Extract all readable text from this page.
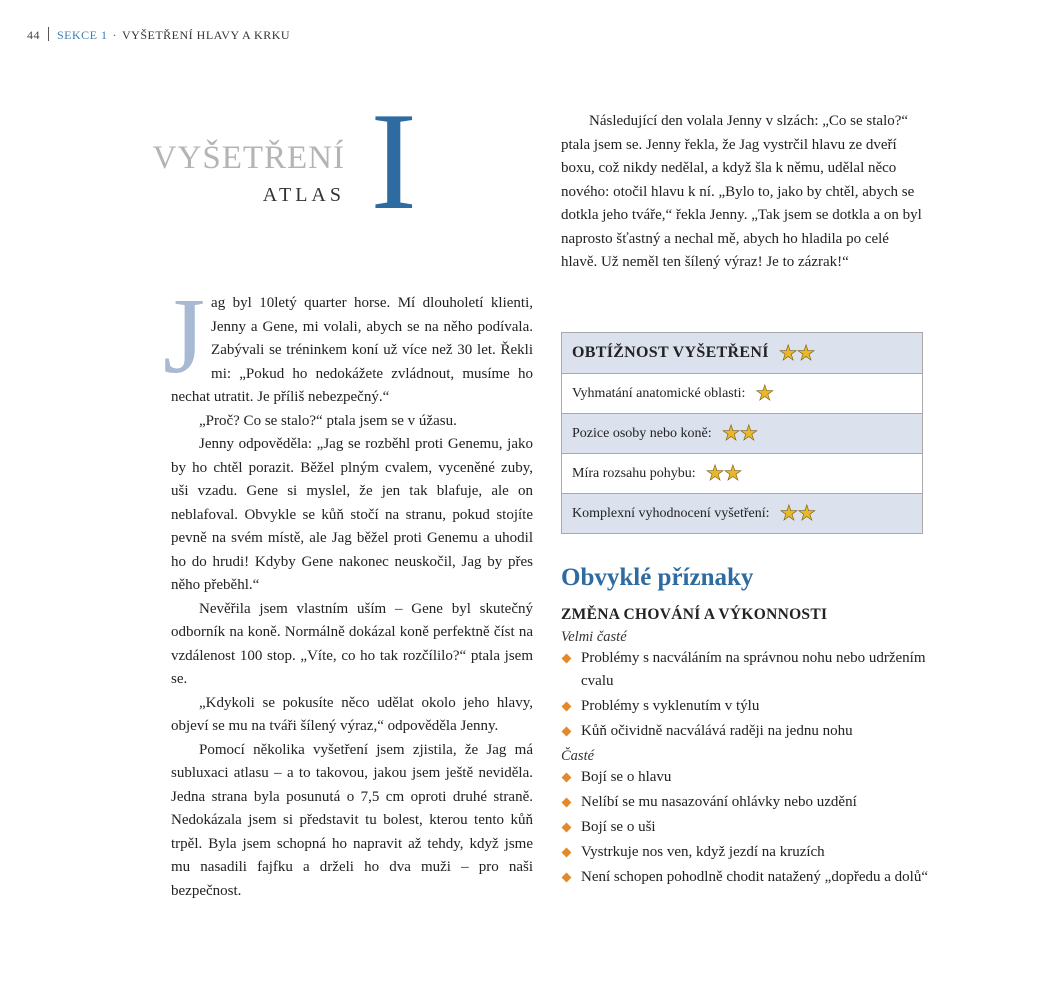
44 SEKCE 1 · VYŠETŘENÍ HLAVY A KRKU
VYŠETŘENÍ
ATLAS I

Jag byl 10letý quarter horse. Mí dlouholetí klienti, Jenny a Gene, mi volali, abych se na něho podívala. Zabývali se tréninkem koní už více než 30 let. Řekli mi: „Pokud ho nedokážete zvládnout, musíme ho nechat utratit. Je příliš nebezpečný.“

„Proč? Co se stalo?“ ptala jsem se v úžasu.

Jenny odpověděla: „Jag se rozběhl proti Genemu, jako by ho chtěl porazit. Běžel plným cvalem, vyceněné zuby, uši vzadu. Gene si myslel, že jen tak blafuje, ale on neblafoval. Obvykle se kůň stočí na stranu, pokud stojíte pevně na svém místě, ale Jag běžel proti Genemu a uhodil ho do hrudi! Kdyby Gene nakonec neuskočil, Jag by přes něho přeběhl.“

Nevěřila jsem vlastním uším – Gene byl skutečný odborník na koně. Normálně dokázal koně perfektně číst na vzdálenost 100 stop. „Víte, co ho tak rozčílilo?“ ptala jsem se.

„Kdykoli se pokusíte něco udělat okolo jeho hlavy, objeví se mu na tváři šílený výraz,“ odpověděla Jenny.

Pomocí několika vyšetření jsem zjistila, že Jag má subluxaci atlasu – a to takovou, jakou jsem ještě neviděla. Jedna strana byla posunutá o 7,5 cm oproti druhé straně. Nedokázala jsem si představit tu bolest, kterou tento kůň trpěl. Byla jsem schopná ho napravit až tehdy, když jsme mu nasadili fajfku a drželi ho dva muži – pro naši bezpečnost.

Následující den volala Jenny v slzách: „Co se stalo?“ ptala jsem se. Jenny řekla, že Jag vystrčil hlavu ze dveří boxu, což nikdy nedělal, a když šla k němu, udělal něco nového: otočil hlavu k ní. „Bylo to, jako by chtěl, abych se dotkla jeho tváře,“ řekla Jenny. „Tak jsem se dotkla a on byl naprosto šťastný a nechal mě, abych ho hladila po celé hlavě. Už neměl ten šílený výraz! Je to zázrak!“

OBTÍŽNOST VYŠETŘENÍ ★ ★
Vyhmatání anatomické oblasti: ★
Pozice osoby nebo koně: ★ ★
Míra rozsahu pohybu: ★ ★
Komplexní vyhodnocení vyšetření: ★ ★
Obvyklé příznaky
ZMĚNA CHOVÁNÍ A VÝKONNOSTI
Velmi časté
Problémy s nacváláním na správnou nohu nebo udržením cvalu
Problémy s vyklenutím v týlu
Kůň očividně nacválává raději na jednu nohu
Časté
Bojí se o hlavu
Nelíbí se mu nasazování ohlávky nebo uzdění
Bojí se o uši
Vystrkuje nos ven, když jezdí na kruzích
Není schopen pohodlně chodit natažený „dopředu a dolů“
